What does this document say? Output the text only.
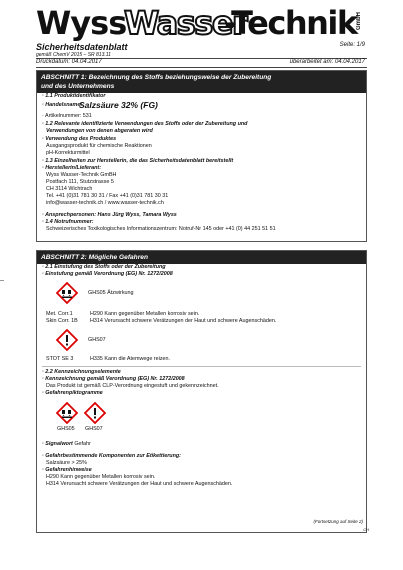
Wyss
Wasser
-Technik GmbH
Sicherheitsdatenblatt
gemäß ChemV 2015 – SR 813.11
Seite: 1/9
Druckdatum: 04.04.2017	überarbeitet am: 04.04.2017
ABSCHNITT 1: Bezeichnung des Stoffs beziehungsweise der Zubereitung
und des Unternehmens
· 1.1 Produktidentifikator
· Handelsname:
Salzsäure 32% (FG)
· Artikelnummer: 531
· 1.2 Relevante identifizierte Verwendungen des Stoffs oder der Zubereitung und
Verwendungen von denen abgeraten wird
· Verwendung des Produktes
Ausgangsprodukt für chemische Reaktionen
pH-Korrekturmittel
· 1.3 Einzelheiten zur Herstellerin, die das Sicherheitsdatenblatt bereitstellt
· Herstellerin/Lieferant:
Wyss Wasser-Technik GmBH
Postfach 111, Stutzstrasse 5
CH 3114 Wichtrach
Tel. +41 (0)31 781 30 31 / Fax +41 (0)31 781 30 31
info@wasser-technik.ch / www.wasser-technik.ch
· Ansprechpersonen: Hans Jürg Wyss, Tamara Wyss
· 1.4 Notrufnummer:
Schweizerisches Toxikologisches Informationszentrum: Notruf-Nr 145 oder +41 (0) 44 251 51 51
ABSCHNITT 2: Mögliche Gefahren
· 2.1 Einstufung des Stoffs oder der Zubereitung
· Einstufung gemäß Verordnung (EG) Nr. 1272/2008
GHS05 Ätzwirkung
Met. Corr.1	H290 Kann gegenüber Metallen korrosiv sein.
Skin Corr. 1B H314 Verursacht schwere Verätzungen der Haut und schwere Augenschäden.
GHS07
STOT SE 3	H335 Kann die Atemwege reizen.
· 2.2 Kennzeichnungselemente
· Kennzeichnung gemäß Verordnung (EG) Nr. 1272/2008
Das Produkt ist gemäß CLP-Verordnung eingestuft und gekennzeichnet.
· Gefahrenpiktogramme
GHS05 GHS07
· Signalwort Gefahr
· Gefahrbestimmende Komponenten zur Etikettierung:
Salzsäure > 25%
· Gefahrenhinweise
H290 Kann gegenüber Metallen korrosiv sein.
H314 Verursacht schwere Verätzungen der Haut und schwere Augenschäden.
(Fortsetzung auf Seite 2)
CH
